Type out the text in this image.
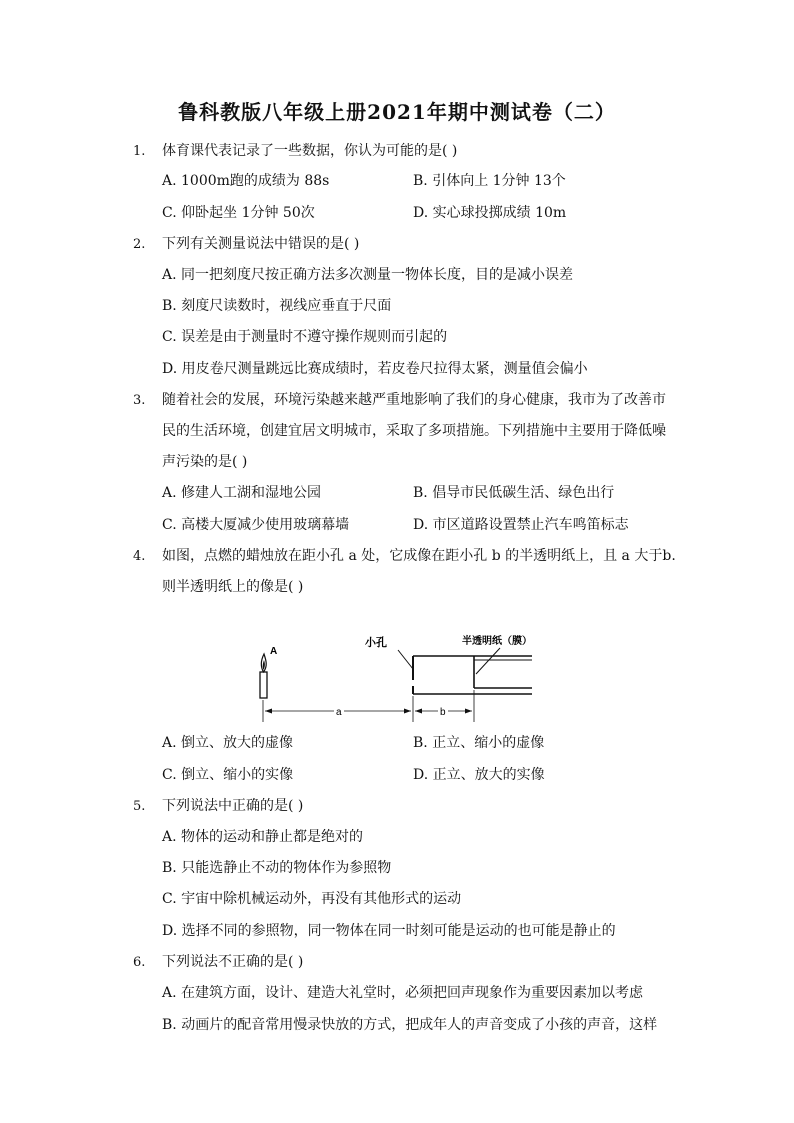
鲁科教版八年级上册2021年期中测试卷（二）
1. 体育课代表记录了一些数据，你认为可能的是( )
A. 1000m跑的成绩为 88s	B. 引体向上 1分钟 13个
C. 仰卧起坐 1分钟 50次	D. 实心球投掷成绩 10m
2. 下列有关测量说法中错误的是( )
A. 同一把刻度尺按正确方法多次测量一物体长度，目的是减小误差
B. 刻度尺读数时，视线应垂直于尺面
C. 误差是由于测量时不遵守操作规则而引起的
D. 用皮卷尺测量跳远比赛成绩时，若皮卷尺拉得太紧，测量值会偏小
3. 随着社会的发展，环境污染越来越严重地影响了我们的身心健康，我市为了改善市
民的生活环境，创建宜居文明城市，采取了多项措施。下列措施中主要用于降低噪
声污染的是( )
A. 修建人工湖和湿地公园	B. 倡导市民低碳生活、绿色出行
C. 高楼大厦减少使用玻璃幕墙	D. 市区道路设置禁止汽车鸣笛标志
4. 如图，点燃的蜡烛放在距小孔 a 处，它成像在距小孔 b 的半透明纸上，且 a 大于b.
则半透明纸上的像是( )
A
小孔	半透明纸（膜）
a	b
A. 倒立、放大的虚像	B. 正立、缩小的虚像
C. 倒立、缩小的实像	D. 正立、放大的实像
5. 下列说法中正确的是( )
A. 物体的运动和静止都是绝对的
B. 只能选静止不动的物体作为参照物
C. 宇宙中除机械运动外，再没有其他形式的运动
D. 选择不同的参照物，同一物体在同一时刻可能是运动的也可能是静止的
6. 下列说法不正确的是( )
A. 在建筑方面，设计、建造大礼堂时，必须把回声现象作为重要因素加以考虑
B. 动画片的配音常用慢录快放的方式，把成年人的声音变成了小孩的声音，这样
